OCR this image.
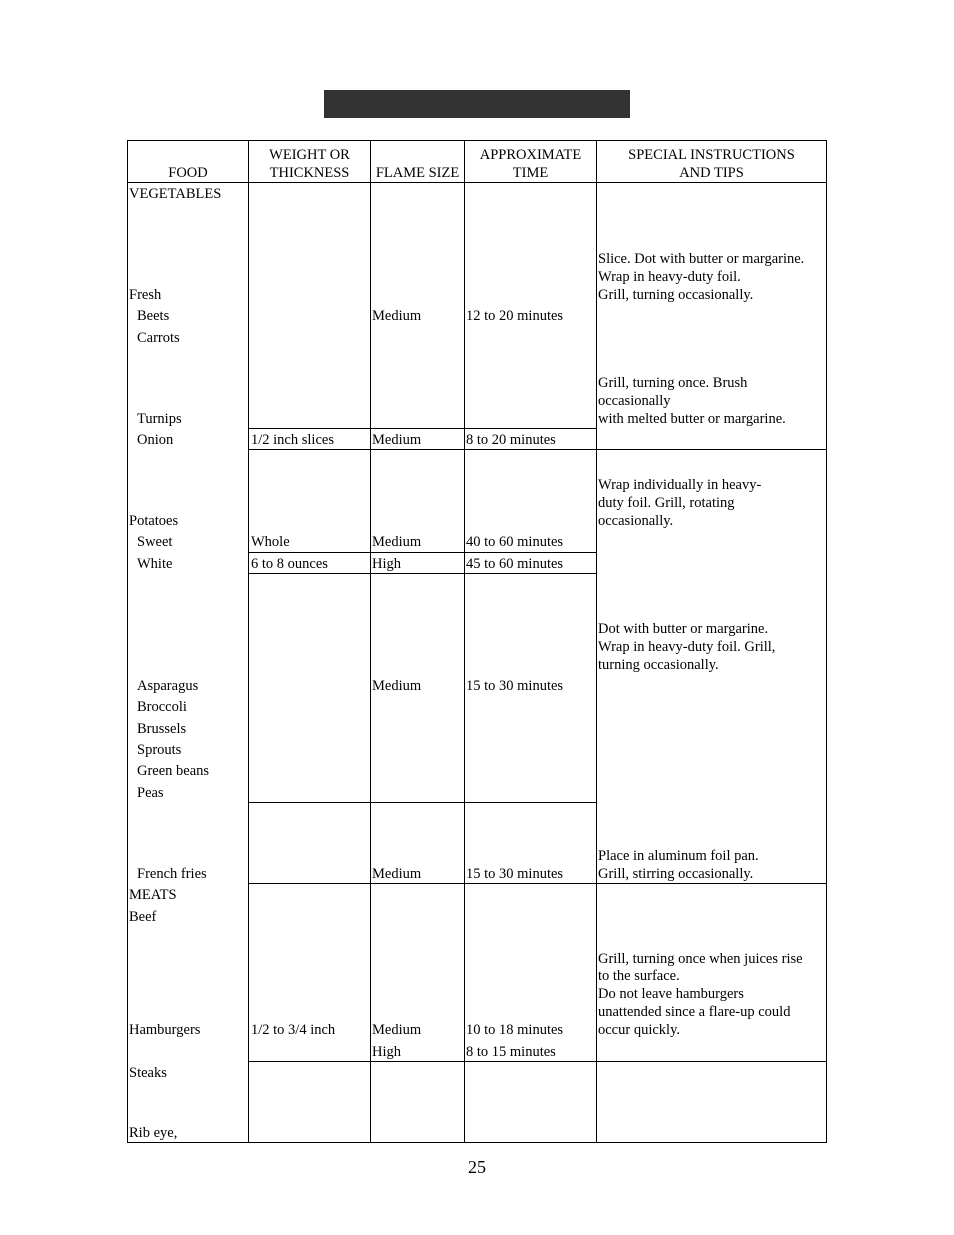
FOOD
WEIGHT OR
THICKNESS	FLAME SIZE
APPROXIMATE
TIME
SPECIAL INSTRUCTIONS
AND TIPS
VEGETABLES
Fresh
Beets
Carrots
Turnips
Onion
Potatoes
Sweet
White
Asparagus
Broccoli
Brussels
Sprouts
Green beans
Peas
French fries
MEATS
Beef
Hamburgers
Steaks
Rib eye,
1/2 inch slices
Whole
6 to 8 ounces
1/2 to 3/4 inch
Medium
Medium
Medium
High
Medium
Medium
Medium
High
12 to 20 minutes
8 to 20 minutes
40 to 60 minutes
45 to 60 minutes
15 to 30 minutes
15 to 30 minutes
10 to 18 minutes
8 to 15 minutes
Slice. Dot with butter or margarine.
Wrap in heavy-duty foil.
Grill, turning occasionally.
Grill, turning once. Brush
occasionally
with melted butter or margarine.
Wrap individually in heavy-
duty foil. Grill, rotating
occasionally.
Dot with butter or margarine.
Wrap in heavy-duty foil. Grill,
turning occasionally.
Place in aluminum foil pan.
Grill, stirring occasionally.
Grill, turning once when juices rise
to the surface.
Do not leave hamburgers
unattended since a flare-up could
occur quickly.
25
